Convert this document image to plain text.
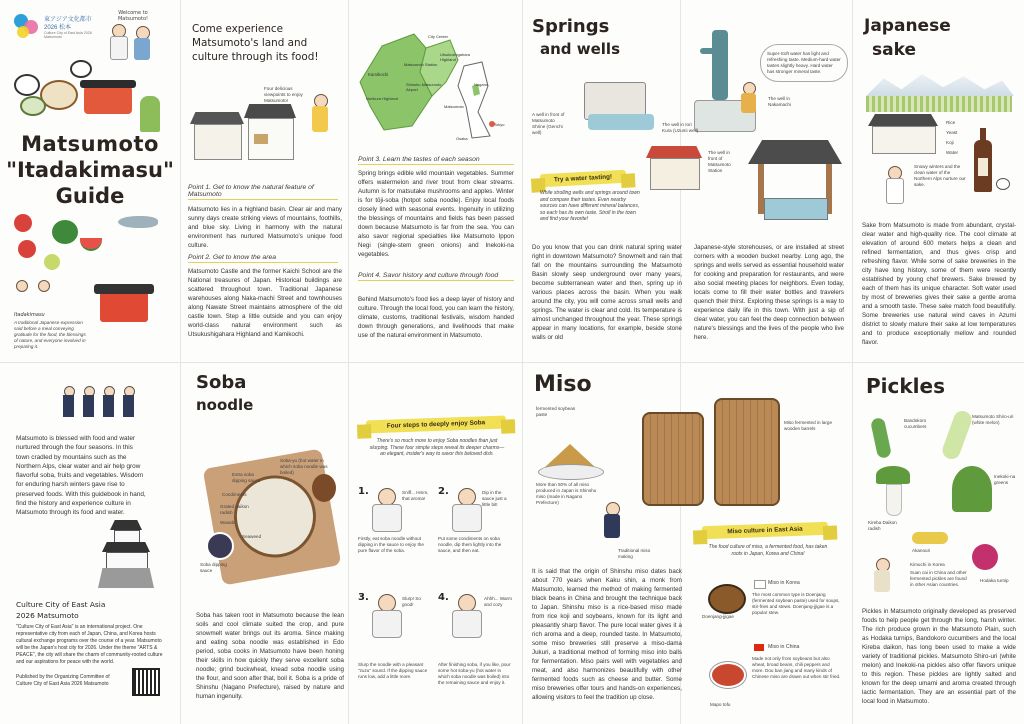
東アジア文化都市
2026 松本
Culture City of East Asia 2026 Matsumoto
Welcome to Matsumoto!
Matsumoto
"Itadakimasu"
Guide
Itadakimasu
A traditional Japanese expression said before a meal conveying gratitude for the food, the blessings of nature, and everyone involved in preparing it.
Come experience Matsumoto's land and culture through its food!
Four delicious viewpoints to enjoy Matsumoto!
Point 1. Get to know the natural feature of Matsumoto
Matsumoto lies in a highland basin. Clear air and many sunny days create striking views of mountains, foothills, and blue sky. Living in harmony with the natural environment has nurtured Matsumoto's unique food culture.
Point 2. Get to know the area
Matsumoto Castle and the former Kaichi School are the National treasures of Japan. Historical buildings are scattered throughout town. Traditional Japanese warehouses along Naka-machi Street and townhouses along Nawate Street maintains atmosphere of the old castle town. Step a little outside and you can enjoy world-class natural environment such as Utsukushigahara Highland and Kamikochi.
City Center
Matsumoto Station
Utsukushigahara Highland
Kamikochi
Shinshu Matsumoto Airport
Norikura Highland
Nagano
Matsumoto
Tokyo
Osaka
Point 3. Learn the tastes of each season
Spring brings edible wild mountain vegetables. Summer offers watermelon and river trout from clear streams. Autumn is for matsutake mushrooms and apples. Winter is for tōji-soba (hotpot soba noodle). Enjoy local foods closely lined with seasonal events. Ingenuity in utilizing the blessings of mountains and fields has been passed down because Matsumoto is far from the sea. You can also savor regional specialties like Matsumoto Ippon Negi (single-stem green onions) and Inekoki-na vegetables.
Point 4. Savor history and culture through food
Behind Matsumoto's food lies a deep layer of history and culture. Through the local food, you can learn the history, climate, customs, traditional festivals, wisdom handed down through generations, and livelihoods that make use of the natural environment in Matsumoto.
Springs
and wells	Super-Soft water has light and refreshing taste. Medium-hard water tastes slightly heavy. Hard water has stronger mineral taste.
A well in front of Matsumoto Shrine (Genchi well)
The well in Iori Kura (Uzumi well)
The well in Nakamachi
The well in front of Matsumoto Station
Try a water tasting!
While strolling wells and springs around town and compare their tastes. Even nearby sources can have different mineral balances, so each has its own taste. Stroll in the town and find your favorite!
Do you know that you can drink natural spring water right in downtown Matsumoto? Snowmelt and rain that fall on the mountains surrounding the Matsumoto Basin slowly seep underground over many years, become subterranean water and then, spring up in various places across the basin. When you walk around the city, you will come across small wells and springs. The water is clear and cold. Its temperature is almost unchanged throughout the year. These springs appear in many locations, for example, beside stone walls or old
Japanese-style storehouses, or are installed at street corners with a wooden bucket nearby. Long ago, the springs and wells served as essential household water for cooking and preparation for restaurants, and were also social meeting places for neighbors. Even today, locals come to fill their water bottles and travelers quench their thirst. Exploring these springs is a way to experience daily life in this town. With just a sip of clear water, you can feel the deep connection between nature's blessings and the lives of the people who live here.
Japanese
sake
Rice
Yeast
Koji
Water
Snowy winters and the clean water of the Northern Alps nurture our sake.
Sake from Matsumoto is made from abundant, crystal-clear water and high-quality rice. The cool climate at elevation of around 600 meters helps a clean and refined fermentation, and thus gives crisp and refreshing flavor. While some of sake breweries in the city have long history, some of them were recently established by young chef brewers. Sake brewed by each of them has its unique character. Soft water used by most of breweries gives their sake a gentle aroma and a smooth taste. These sake match food beautifully. Some breweries use natural wind caves in Azumi district to slowly mature their sake at low temperatures and to produce exceptionally mellow and rounded flavor.
Matsumoto is blessed with food and water nurtured through the four seasons. In this town cradled by mountains such as the Northern Alps, clear water and air help grow flavorful soba, fruits and vegetables. Wisdom for enduring harsh winters gave rise to preserved foods. With this guidebook in hand, find the history and experience culture in Matsumoto through its food and water.
Culture City of East Asia
2026 Matsumoto
"Culture City of East Asia" is an international project. One representative city from each of Japan, China, and Korea hosts cultural exchange programs over the course of a year. Matsumoto will be the Japan's host city for 2026. Under the theme "ARTS & PEACE", the city will share the charm of community-rooted culture and our aspirations for peace with the world.
Published by the Organizing Committee of Culture City of East Asia 2026 Matsumoto
Soba
noodle
Extra soba dipping sauce
Condiments
Grated daikon radish
Wasabi
Seaweed
Soba-yu (hot water in which soba noodle was boiled)
Soba dipping sauce
Soba has taken root in Matsumoto because the lean soils and cool climate suited the crop, and pure snowmelt water brings out its aroma. Since making and eating soba noodle was established in Edo period, soba cooks in Matsumoto have been honing their skills in how quickly they serve excellent soba noodle; grind buckwheat, knead soba noodle using the flour, and soon after that, boil it. Soba is a pride of Shinshu (Nagano Prefecture), raised by nature and human ingenuity.
Four steps to deeply enjoy Soba
There's so much more to enjoy Soba noodles than just slurping. These four simple steps reveal its deeper charms—an elegant, insider's way to savor this beloved dish.
1.	Sniff... Hmm, that aroma!
Firstly, eat soba noodle without dipping in the sauce to enjoy the pure flavor of the soba.
2.	Dip in the sauce just a little bit!
Put some condiments on soba noodle, dip them lightly into the sauce, and then eat.
3.	Slurp! So good!
Slurp the noodle with a pleasant "zuzu" sound. If the dipping sauce runs low, add a little more.
4.	Ahhh... Warm and cozy
After finishing soba, if you like, pour some hot soba-yu (hot water in which soba noodle was boiled) into the remaining sauce and enjoy it.
Miso
fermented soybean paste
More than 50% of all miso produced in Japan is Shinshu miso (made in Nagano Prefecture)
Miso fermented in large wooden barrels
Traditional miso making
It is said that the origin of Shinshu miso dates back about 770 years when Kaku shin, a monk from Matsumoto, learned the method of making fermented black beans in China and brought the technique back to Japan. Shinshu miso is a rice-based miso made from rice koji and soybeans, known for its light and pleasantly sharp flavor. The pure local water gives it a rich aroma and a deep, rounded taste. In Matsumoto, some miso breweries still preserve a miso-dama Jukuri, a traditional method of forming miso into balls for fermentation. Miso pairs well with vegetables and meat, and also harmonizes beautifully with other fermented foods such as cheese and butter. Some miso breweries offer tours and hands-on experiences, allowing visitors to feel the tradition up close.
Miso culture in East Asia
The food culture of miso, a fermented food, has taken roots in Japan, Korea and China!
Miso in Korea
The most common type is Doenjang (fermented soybean paste) used for soups, stir-fries and stews. Doenjang-jjigae is a popular stew.
Miso in China
Made not only from soybeans but also wheat, broad beans, chili peppers and more. Dou ban jiang and many kinds of Chinese miso are drawn out when stir fried.
Doenjang-jjigae
Mapo tofu
Pickles
Bandokoro cucumbers
Matsumoto Shiro-uri (white melon)
Inekoki-na greens
Kireba Daikon radish
Akanouri
Hodaka turnip
Kimuchi in Korea
Suan cai in China and other fermented pickles are found in other Asian countries.
Pickles in Matsumoto originally developed as preserved foods to help people get through the long, harsh winter. The rich produce grown in the Matsumoto Plain, such as Hodaka turnips, Bandokoro cucumbers and the local Kireba daikon, has long been used to make a wide variety of traditional pickles. Matsumoto Shiro-uri (white melon) and Inekoki-na pickles also offer flavors unique to this region. These pickles are lightly salted and known for the deep umami and aroma created through lactic fermentation. They are an essential part of the local food in Matsumoto.
